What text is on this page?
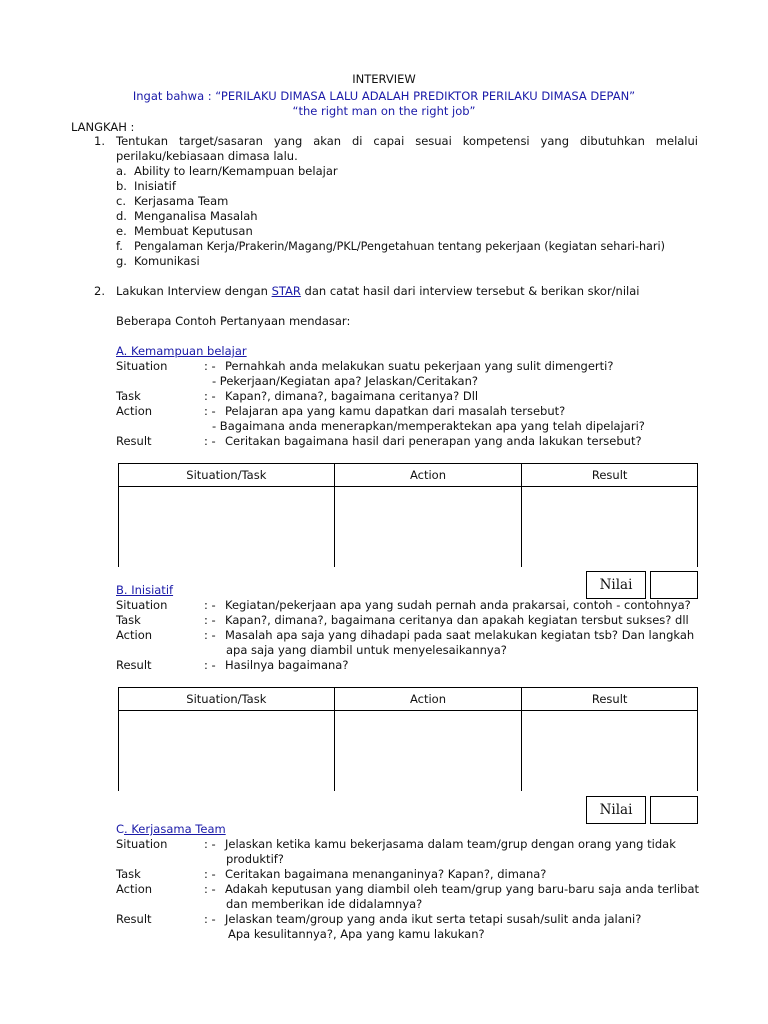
INTERVIEW
Ingat bahwa : “PERILAKU DIMASA LALU ADALAH PREDIKTOR PERILAKU DIMASA DEPAN”
“the right man on the right job”
LANGKAH :
1. Tentukan target/sasaran yang akan di capai sesuai kompetensi yang dibutuhkan melalui perilaku/kebiasaan dimasa lalu.
a. Ability to learn/Kemampuan belajar
b. Inisiatif
c. Kerjasama Team
d. Menganalisa Masalah
e. Membuat Keputusan
f. Pengalaman Kerja/Prakerin/Magang/PKL/Pengetahuan tentang pekerjaan (kegiatan sehari-hari)
g. Komunikasi
2. Lakukan Interview dengan STAR dan catat hasil dari interview tersebut & berikan skor/nilai
Beberapa Contoh Pertanyaan mendasar:
A. Kemampuan belajar
Situation	: - Pernahkah anda melakukan suatu pekerjaan yang sulit dimengerti?
- Pekerjaan/Kegiatan apa? Jelaskan/Ceritakan?
Task	: - Kapan?, dimana?, bagaimana ceritanya? Dll
Action	: - Pelajaran apa yang kamu dapatkan dari masalah tersebut?
- Bagaimana anda menerapkan/memperaktekan apa yang telah dipelajari?
Result	: - Ceritakan bagaimana hasil dari penerapan yang anda lakukan tersebut?
Situation/Task	Action	Result

Nilai
B. Inisiatif
Situation	: - Kegiatan/pekerjaan apa yang sudah pernah anda prakarsai, contoh - contohnya?
Task	: - Kapan?, dimana?, bagaimana ceritanya dan apakah kegiatan tersbut sukses? dll
Action	: - Masalah apa saja yang dihadapi pada saat melakukan kegiatan tsb? Dan langkah
apa saja yang diambil untuk menyelesaikannya?
Result	: - Hasilnya bagaimana?
Situation/Task	Action	Result

Nilai
C. Kerjasama Team
Situation	: - Jelaskan ketika kamu bekerjasama dalam team/grup dengan orang yang tidak
produktif?
Task	: - Ceritakan bagaimana menanganinya? Kapan?, dimana?
Action	: - Adakah keputusan yang diambil oleh team/grup yang baru-baru saja anda terlibat
dan memberikan ide didalamnya?
Result	: - Jelaskan team/group yang anda ikut serta tetapi susah/sulit anda jalani?
Apa kesulitannya?, Apa yang kamu lakukan?
